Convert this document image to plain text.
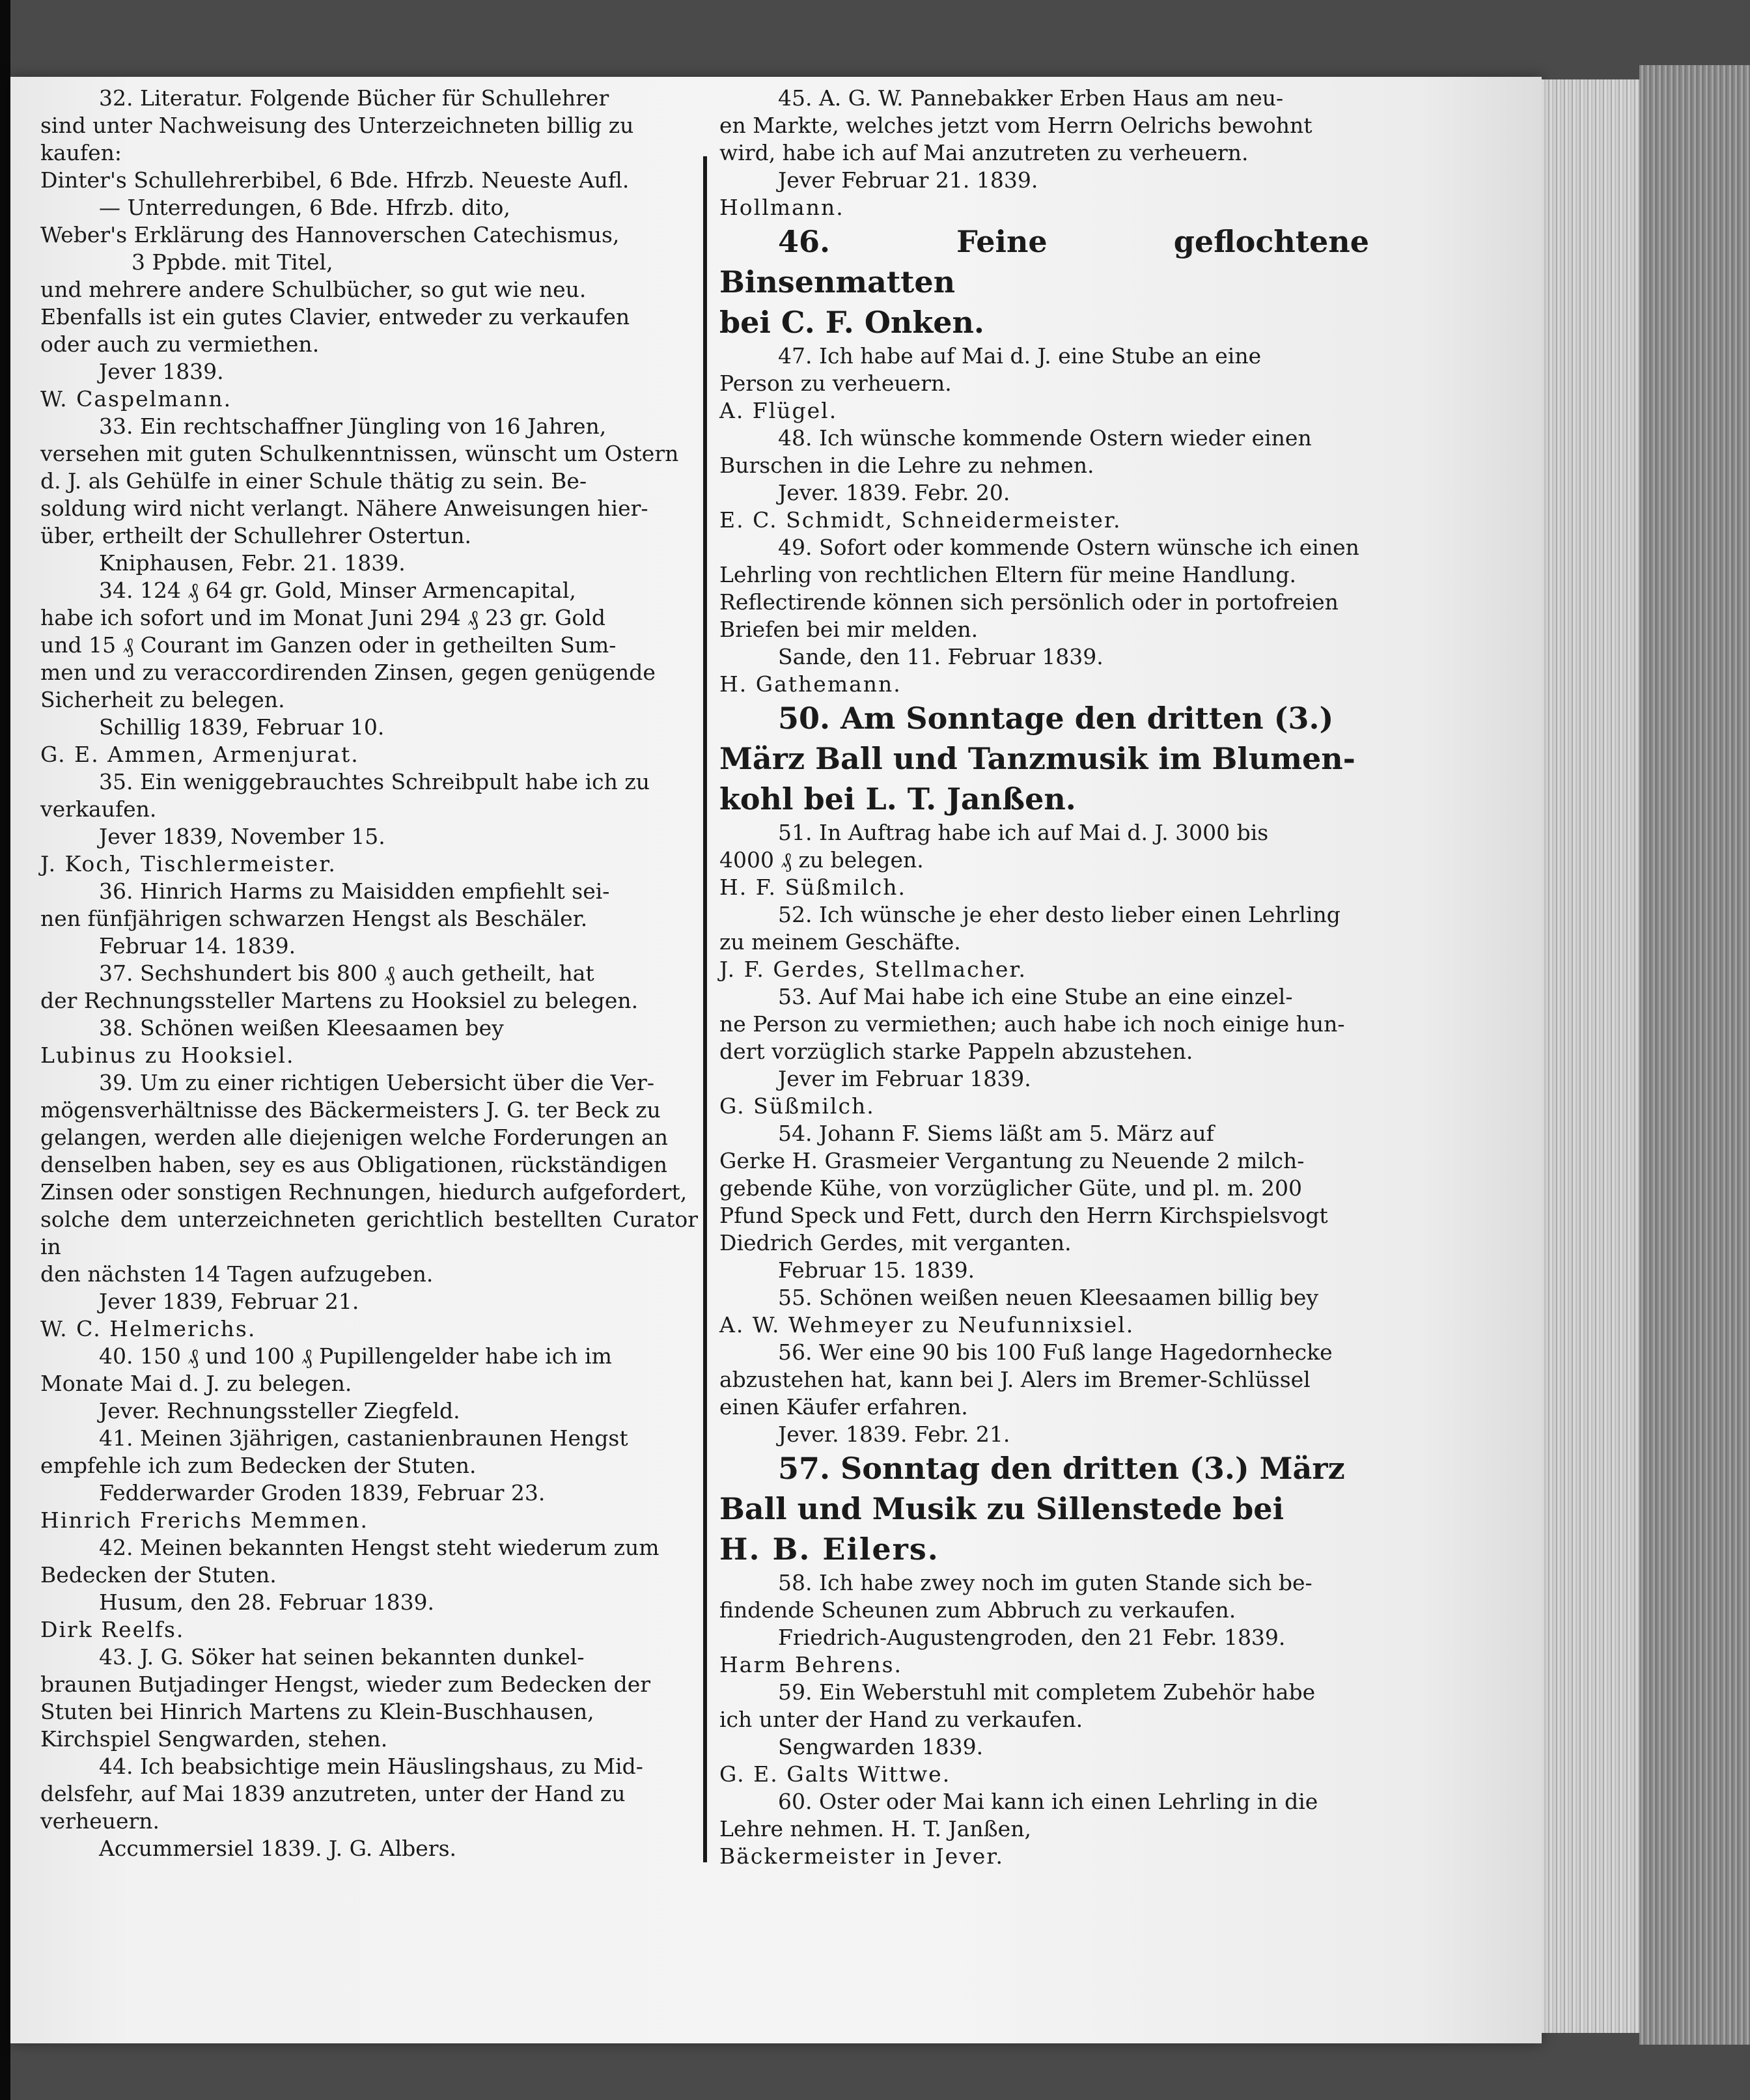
32. Literatur. Folgende Bücher für Schullehrer
sind unter Nachweisung des Unterzeichneten billig zu
kaufen:
Dinter's Schullehrerbibel, 6 Bde. Hfrzb. Neueste Aufl.
— Unterredungen, 6 Bde. Hfrzb. dito,
Weber's Erklärung des Hannoverschen Catechismus,
3 Ppbde. mit Titel,
und mehrere andere Schulbücher, so gut wie neu.
Ebenfalls ist ein gutes Clavier, entweder zu verkaufen
oder auch zu vermiethen.
Jever 1839.
W. Caspelmann.
33. Ein rechtschaffner Jüngling von 16 Jahren,
versehen mit guten Schulkenntnissen, wünscht um Ostern
d. J. als Gehülfe in einer Schule thätig zu sein. Be-
soldung wird nicht verlangt. Nähere Anweisungen hier-
über, ertheilt der Schullehrer Ostertun.
Kniphausen, Febr. 21. 1839.
34. 124 ₰ 64 gr. Gold, Minser Armencapital,
habe ich sofort und im Monat Juni 294 ₰ 23 gr. Gold
und 15 ₰ Courant im Ganzen oder in getheilten Sum-
men und zu veraccordirenden Zinsen, gegen genügende
Sicherheit zu belegen.
Schillig 1839, Februar 10.
G. E. Ammen, Armenjurat.
35. Ein weniggebrauchtes Schreibpult habe ich zu
verkaufen.
Jever 1839, November 15.
J. Koch, Tischlermeister.
36. Hinrich Harms zu Maisidden empfiehlt sei-
nen fünfjährigen schwarzen Hengst als Beschäler.
Februar 14. 1839.
37. Sechshundert bis 800 ₰ auch getheilt, hat
der Rechnungssteller Martens zu Hooksiel zu belegen.
38. Schönen weißen Kleesaamen bey
Lubinus zu Hooksiel.
39. Um zu einer richtigen Uebersicht über die Ver-
mögensverhältnisse des Bäckermeisters J. G. ter Beck zu
gelangen, werden alle diejenigen welche Forderungen an
denselben haben, sey es aus Obligationen, rückständigen
Zinsen oder sonstigen Rechnungen, hiedurch aufgefordert,
solche dem unterzeichneten gerichtlich bestellten Curator in
den nächsten 14 Tagen aufzugeben.
Jever 1839, Februar 21.
W. C. Helmerichs.
40. 150 ₰ und 100 ₰ Pupillengelder habe ich im
Monate Mai d. J. zu belegen.
Jever. Rechnungssteller Ziegfeld.
41. Meinen 3jährigen, castanienbraunen Hengst
empfehle ich zum Bedecken der Stuten.
Fedderwarder Groden 1839, Februar 23.
Hinrich Frerichs Memmen.
42. Meinen bekannten Hengst steht wiederum zum
Bedecken der Stuten.
Husum, den 28. Februar 1839.
Dirk Reelfs.
43. J. G. Söker hat seinen bekannten dunkel-
braunen Butjadinger Hengst, wieder zum Bedecken der
Stuten bei Hinrich Martens zu Klein-Buschhausen,
Kirchspiel Sengwarden, stehen.
44. Ich beabsichtige mein Häuslingshaus, zu Mid-
delsfehr, auf Mai 1839 anzutreten, unter der Hand zu
verheuern.
Accummersiel 1839. J. G. Albers.
45. A. G. W. Pannebakker Erben Haus am neu-
en Markte, welches jetzt vom Herrn Oelrichs bewohnt
wird, habe ich auf Mai anzutreten zu verheuern.
Jever Februar 21. 1839.
Hollmann.
46. Feine geflochtene Binsenmatten
bei C. F. Onken.
47. Ich habe auf Mai d. J. eine Stube an eine
Person zu verheuern.
A. Flügel.
48. Ich wünsche kommende Ostern wieder einen
Burschen in die Lehre zu nehmen.
Jever. 1839. Febr. 20.
E. C. Schmidt, Schneidermeister.
49. Sofort oder kommende Ostern wünsche ich einen
Lehrling von rechtlichen Eltern für meine Handlung.
Reflectirende können sich persönlich oder in portofreien
Briefen bei mir melden.
Sande, den 11. Februar 1839.
H. Gathemann.
50. Am Sonntage den dritten (3.)
März Ball und Tanzmusik im Blumen-
kohl bei L. T. Janßen.
51. In Auftrag habe ich auf Mai d. J. 3000 bis
4000 ₰ zu belegen.
H. F. Süßmilch.
52. Ich wünsche je eher desto lieber einen Lehrling
zu meinem Geschäfte.
J. F. Gerdes, Stellmacher.
53. Auf Mai habe ich eine Stube an eine einzel-
ne Person zu vermiethen; auch habe ich noch einige hun-
dert vorzüglich starke Pappeln abzustehen.
Jever im Februar 1839.
G. Süßmilch.
54. Johann F. Siems läßt am 5. März auf
Gerke H. Grasmeier Vergantung zu Neuende 2 milch-
gebende Kühe, von vorzüglicher Güte, und pl. m. 200
Pfund Speck und Fett, durch den Herrn Kirchspielsvogt
Diedrich Gerdes, mit verganten.
Februar 15. 1839.
55. Schönen weißen neuen Kleesaamen billig bey
A. W. Wehmeyer zu Neufunnixsiel.
56. Wer eine 90 bis 100 Fuß lange Hagedornhecke
abzustehen hat, kann bei J. Alers im Bremer-Schlüssel
einen Käufer erfahren.
Jever. 1839. Febr. 21.
57. Sonntag den dritten (3.) März
Ball und Musik zu Sillenstede bei
H. B. Eilers.
58. Ich habe zwey noch im guten Stande sich be-
findende Scheunen zum Abbruch zu verkaufen.
Friedrich-Augustengroden, den 21 Febr. 1839.
Harm Behrens.
59. Ein Weberstuhl mit completem Zubehör habe
ich unter der Hand zu verkaufen.
Sengwarden 1839.
G. E. Galts Wittwe.
60. Oster oder Mai kann ich einen Lehrling in die
Lehre nehmen. H. T. Janßen,
Bäckermeister in Jever.
